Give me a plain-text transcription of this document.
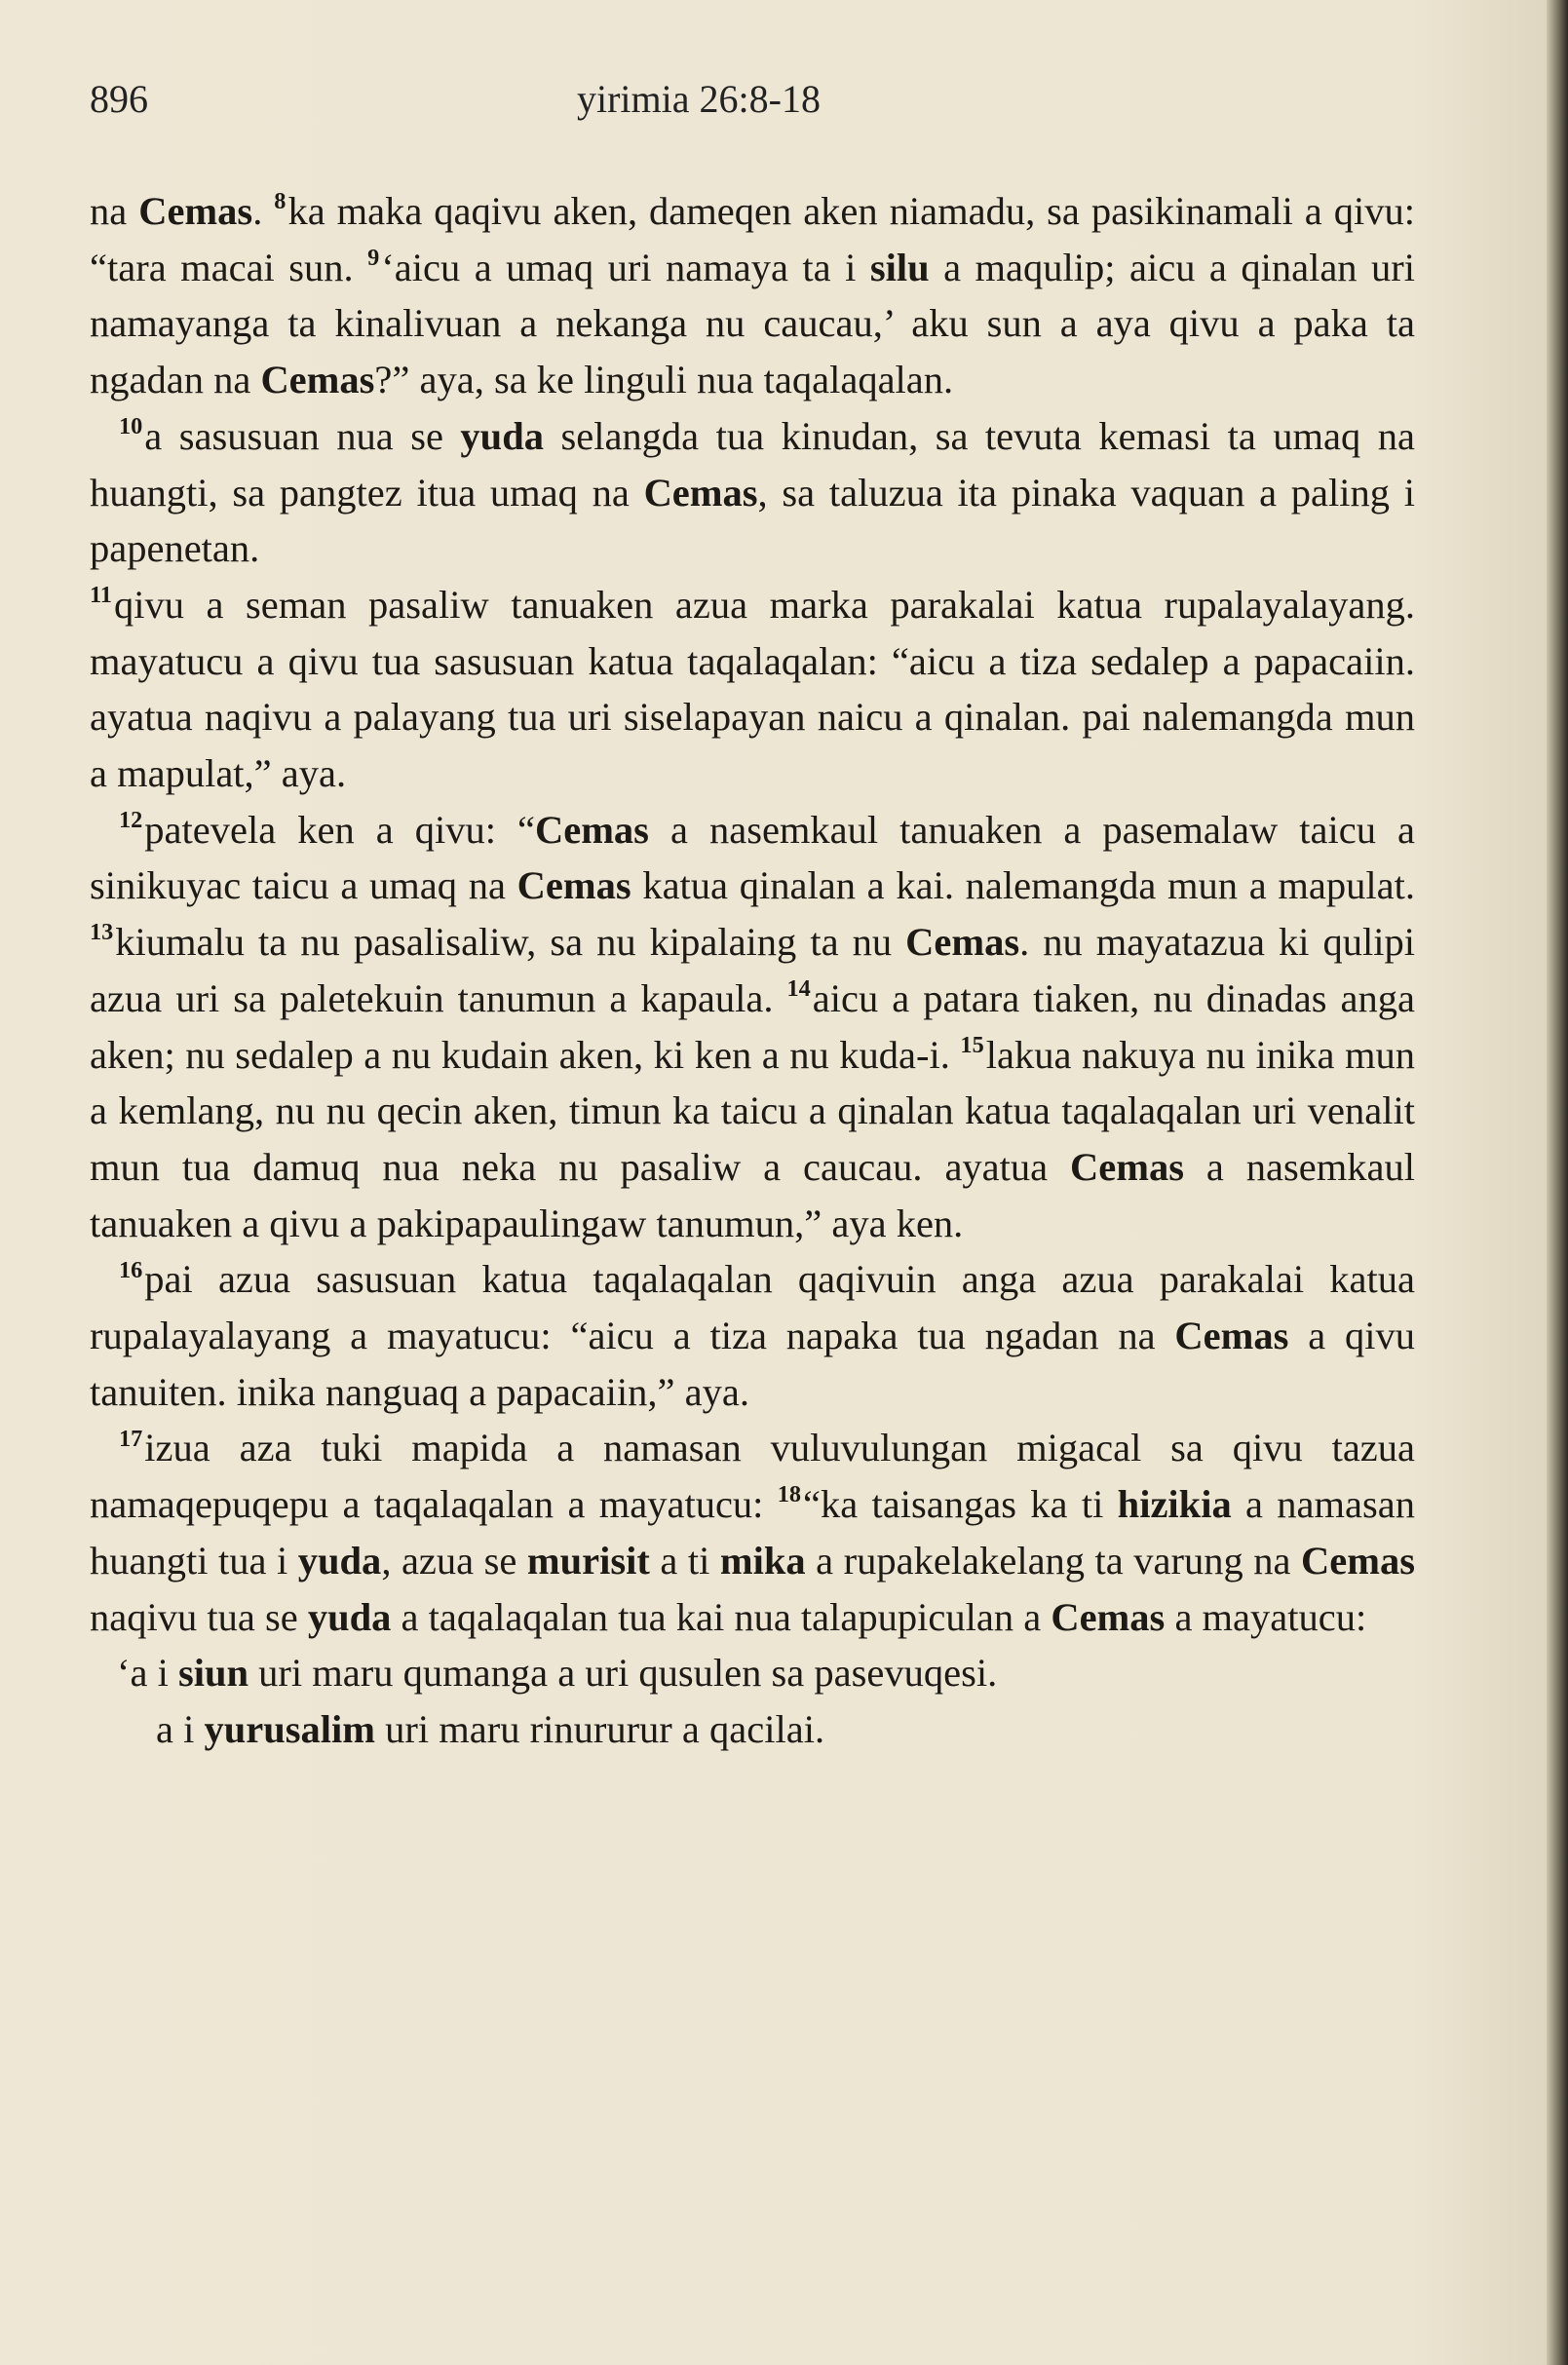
896	yirimia 26:8-18

na Cemas. $^8$ka maka qaqivu aken, dameqen aken niamadu, sa pasikinamali a qivu: “tara macai sun. $^9$‘aicu a umaq uri namaya ta i silu a maqulip; aicu a qinalan uri namayanga ta kinalivuan a nekanga nu caucau,’ aku sun a aya qivu a paka ta ngadan na Cemas?” aya, sa ke linguli nua taqalaqalan.

$^{10}$a sasusuan nua se yuda selangda tua kinudan, sa tevuta kemasi ta umaq na huangti, sa pangtez itua umaq na Cemas, sa taluzua ita pinaka vaquan a paling i papenetan.

$^{11}$qivu a seman pasaliw tanuaken azua marka parakalai katua rupalayalayang. mayatucu a qivu tua sasusuan katua taqalaqalan: “aicu a tiza sedalep a papacaiin. ayatua naqivu a palayang tua uri siselapayan naicu a qinalan. pai nalemangda mun a mapulat,” aya.

$^{12}$patevela ken a qivu: “Cemas a nasemkaul tanuaken a pasemalaw taicu a sinikuyac taicu a umaq na Cemas katua qinalan a kai. nalemangda mun a mapulat. $^{13}$kiumalu ta nu pasalisaliw, sa nu kipalaing ta nu Cemas. nu mayatazua ki qulipi azua uri sa paletekuin tanumun a kapaula. $^{14}$aicu a patara tiaken, nu dinadas anga aken; nu sedalep a nu kudain aken, ki ken a nu kuda-i. $^{15}$lakua nakuya nu inika mun a kemlang, nu nu qecin aken, timun ka taicu a qinalan katua taqalaqalan uri venalit mun tua damuq nua neka nu pasaliw a caucau. ayatua Cemas a nasemkaul tanuaken a qivu a pakipapaulingaw tanumun,” aya ken.

$^{16}$pai azua sasusuan katua taqalaqalan qaqivuin anga azua parakalai katua rupalayalayang a mayatucu: “aicu a tiza napaka tua ngadan na Cemas a qivu tanuiten. inika nanguaq a papacaiin,” aya.

$^{17}$izua aza tuki mapida a namasan vuluvulungan migacal sa qivu tazua namaqepuqepu a taqalaqalan a mayatucu: $^{18}$“ka taisangas ka ti hizikia a namasan huangti tua i yuda, azua se murisit a ti mika a rupakelakelang ta varung na Cemas naqivu tua se yuda a taqalaqalan tua kai nua talapupiculan a Cemas a mayatucu:

‘a i siun uri maru qumanga a uri qusulen sa pasevuqesi.

a i yurusalim uri maru rinururur a qacilai.
